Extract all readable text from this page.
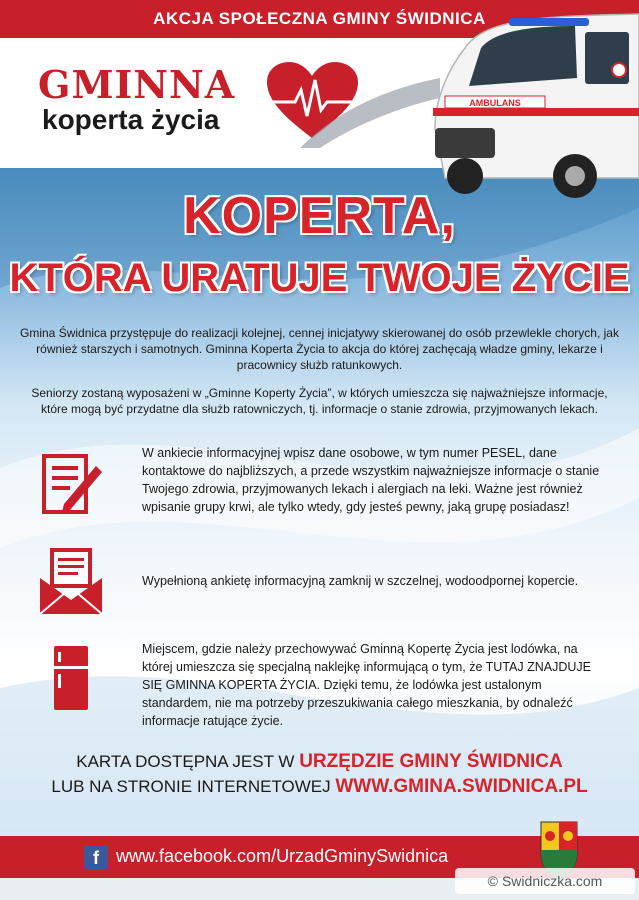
AKCJA SPOŁECZNA GMINY ŚWIDNICA
GMINNA
koperta życia
AMBULANS
KOPERTA,
KTÓRA URATUJE TWOJE ŻYCIE
Gmina Świdnica przystępuje do realizacji kolejnej, cennej inicjatywy skierowanej do osób przewlekle chorych, jak również starszych i samotnych. Gminna Koperta Życia to akcja do której zachęcają władze gminy, lekarze i pracownicy służb ratunkowych.
Seniorzy zostaną wyposażeni w „Gminne Koperty Życia”, w których umieszcza się najważniejsze informacje, które mogą być przydatne dla służb ratowniczych, tj. informacje o stanie zdrowia, przyjmowanych lekach.
W ankiecie informacyjnej wpisz dane osobowe, w tym numer PESEL, dane kontaktowe do najbliższych, a przede wszystkim najważniejsze informacje o stanie Twojego zdrowia, przyjmowanych lekach i alergiach na leki. Ważne jest również wpisanie grupy krwi, ale tylko wtedy, gdy jesteś pewny, jaką grupę posiadasz!
Wypełnioną ankietę informacyjną zamknij w szczelnej, wodoodpornej kopercie.
Miejscem, gdzie należy przechowywać Gminną Kopertę Życia jest lodówka, na której umieszcza się specjalną naklejkę informującą o tym, że TUTAJ ZNAJDUJE SIĘ GMINNA KOPERTA ŻYCIA. Dzięki temu, że lodówka jest ustalonym standardem, nie ma potrzeby przeszukiwania całego mieszkania, by odnaleźć informacje ratujące życie.
KARTA DOSTĘPNA JEST W URZĘDZIE GMINY ŚWIDNICA
LUB NA STRONIE INTERNETOWEJ WWW.GMINA.SWIDNICA.PL
f www.facebook.com/UrzadGminySwidnica
© Swidniczka.com
